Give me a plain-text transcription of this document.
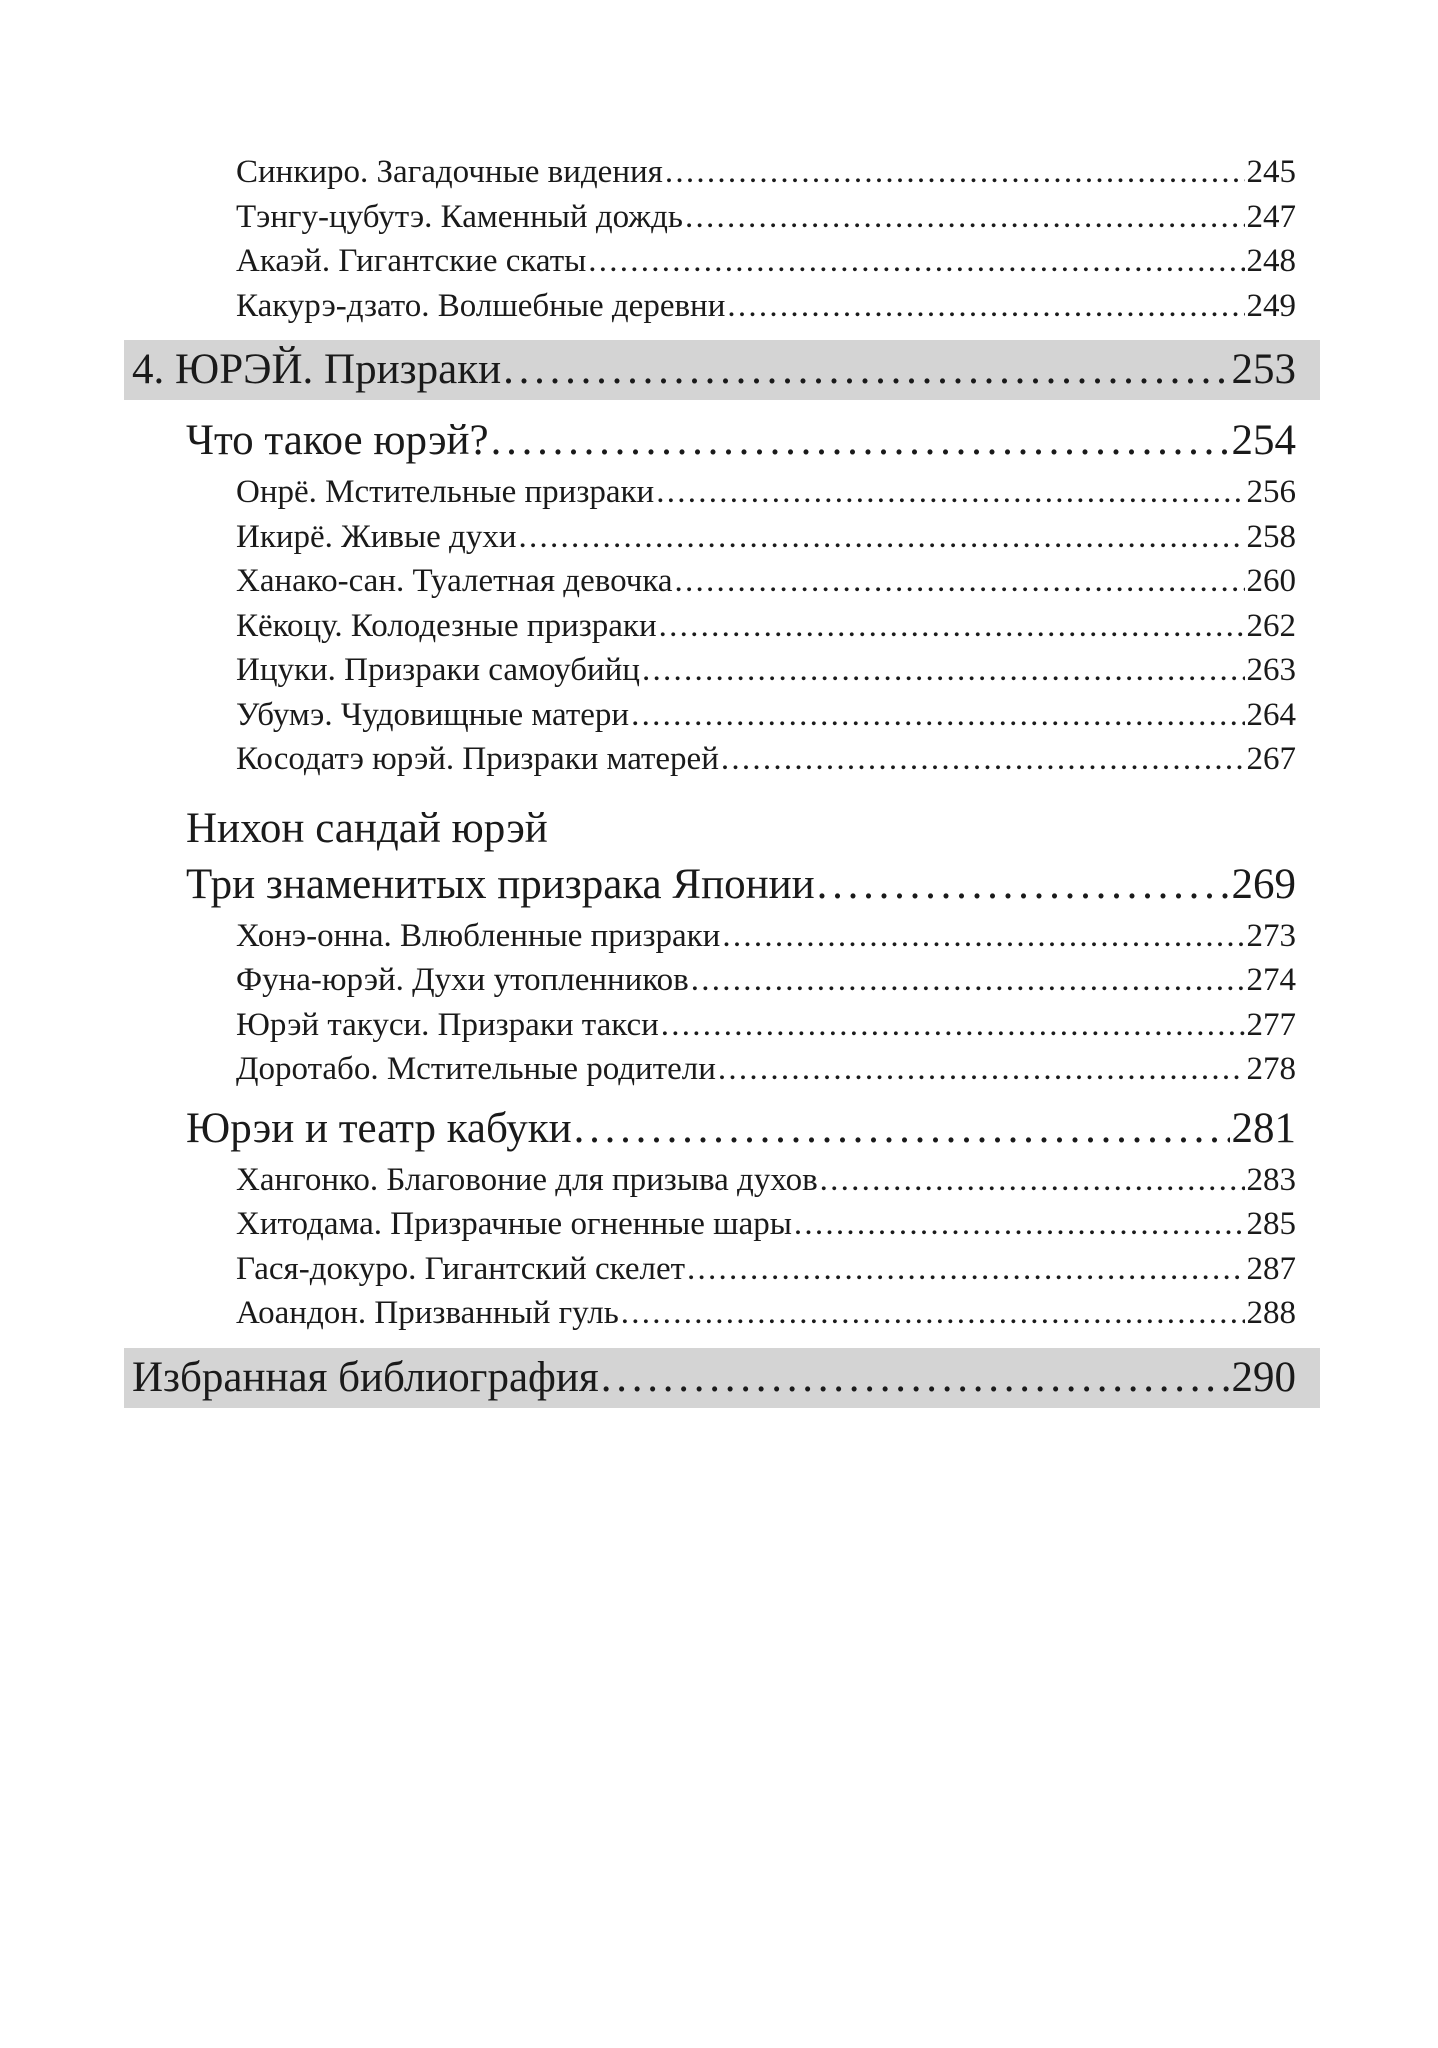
Синкиро. Загадочные видения . . .	245
Тэнгу-цубутэ. Каменный дождь . . .	247
Акаэй. Гигантские скаты . . .	248
Какурэ-дзато. Волшебные деревни . . .	249
4. ЮРЭЙ. Призраки . . .	253
Что такое юрэй? . . .	254
Онрё. Мстительные призраки . . .	256
Икирё. Живые духи . . .	258
Ханако-сан. Туалетная девочка . . .	260
Кёкоцу. Колодезные призраки . . .	262
Ицуки. Призраки самоубийц . . .	263
Убумэ. Чудовищные матери . . .	264
Косодатэ юрэй. Призраки матерей . . .	267
Нихон сандай юрэй
Три знаменитых призрака Японии . . .	269
Хонэ-онна. Влюбленные призраки . . .	273
Фуна-юрэй. Духи утопленников . . .	274
Юрэй такуси. Призраки такси . . .	277
Доротабо. Мстительные родители . . .	278
Юрэи и театр кабуки . . .	281
Хангонко. Благовоние для призыва духов . . .	283
Хитодама. Призрачные огненные шары . . .	285
Гася-докуро. Гигантский скелет . . .	287
Аоандон. Призванный гуль . . .	288
Избранная библиография . . .	290
